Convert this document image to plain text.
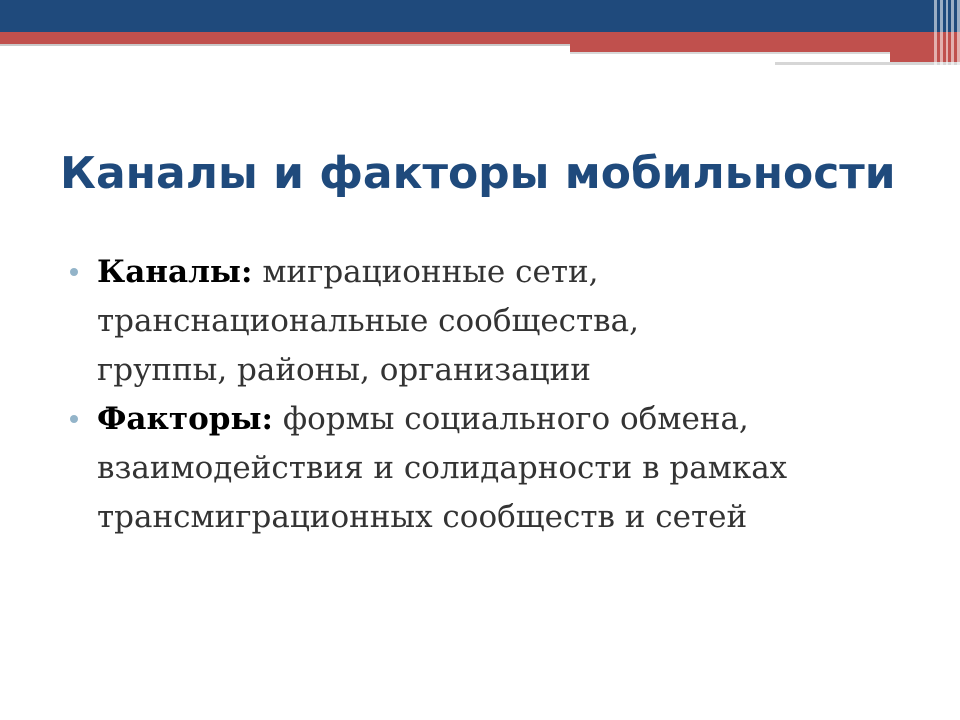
Каналы и факторы мобильности
Каналы: миграционные сети,
транснациональные сообщества,
группы, районы, организации
Факторы: формы социального обмена,
взаимодействия и солидарности в рамках
трансмиграционных сообществ и сетей
